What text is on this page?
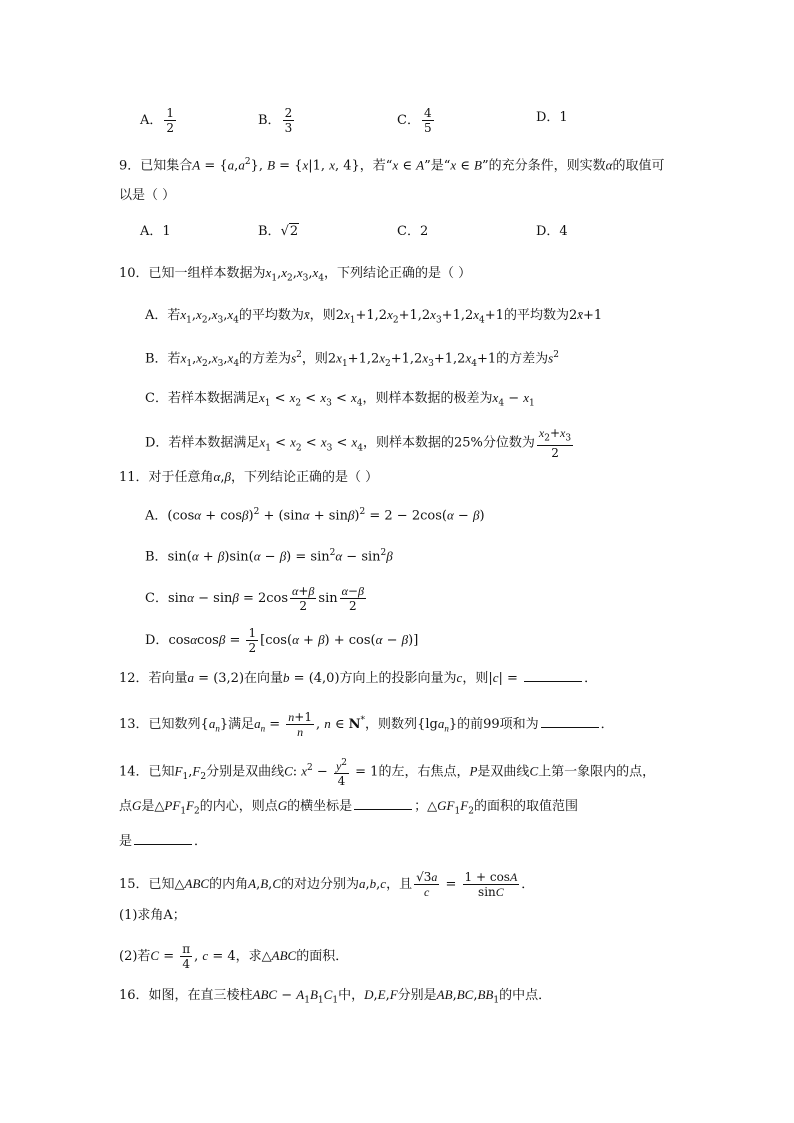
A． $\frac{1}{2}$	B． $\frac{2}{3}$	C． $\frac{4}{5}$	D．1
9．已知集合$A = \{a,a^2\}$, B = {x|1, x, 4}，若“x ∈ A”是“x ∈ B”的充分条件，则实数α的取值可
以是（ ）
A．1	B．√2	C．2	D．4
10．已知一组样本数据为$x_1,x_2,x_3,x_4$，下列结论正确的是（ ）
A．若$x_1,x_2,x_3,x_4$的平均数为x̄，则$2x_1+1,2x_2+1,2x_3+1,2x_4+1$的平均数为2x̄+1
B．若$x_1,x_2,x_3,x_4$的方差为$s^2$，则$2x_1+1,2x_2+1,2x_3+1,2x_4+1$的方差为$s^2$
C．若样本数据满足$x_1 < x_2 < x_3 < x_4$，则样本数据的极差为$x_4 - x_1$
D．若样本数据满足$x_1 < x_2 < x_3 < x_4$，则样本数据的25%分位数为 $\frac{x_2+x_3}{2}$
11．对于任意角α,β，下列结论正确的是（ ）
A．$(\cos\alpha + \cos\beta)^2 + (\sin\alpha + \sin\beta)^2 = 2 - 2\cos(\alpha - \beta)$
B．$\sin(\alpha + \beta)\sin(\alpha - \beta) = \sin^2\alpha - \sin^2\beta$
C．$\sin\alpha - \sin\beta = 2\cos \frac{\alpha+\beta}{2}$ $\sin \frac{\alpha-\beta}{2}$
D．$\cos\alpha\cos\beta = \frac{1}{2} [\cos(\alpha + \beta) + \cos(\alpha - \beta)]$
12．若向量a = (3,2)在向量b = (4,0)方向上的投影向量为c，则|c| =	．
13．已知数列$\{a_n\}$满足$a_n = \frac{n+1}{n}$ , n ∈ N*，则数列{lga$_n$}的前99项和为	．
14．已知$F_1,F_2$分别是双曲线C: $x^2 - \frac{y^2}{4} = 1$的左，右焦点，P是双曲线C上第一象限内的点，
点G是$\triangle PF_1F_2$的内心，则点G的横坐标是	；$\triangle GF_1F_2$的面积的取值范围
是	．
15．已知△ABC的内角A,B,C的对边分别为a,b,c，且 $\frac{√3a}{c} = \frac{1 + \cos A}{\sin C}$ ．
(1)求角A；
(2)若$C = \frac{\pi}{4}$ , c = 4，求△ABC的面积．
16．如图，在直三棱柱ABC − $A_1B_1C_1$中，D,E,F分别是$AB,BC,BB_1$的中点．
